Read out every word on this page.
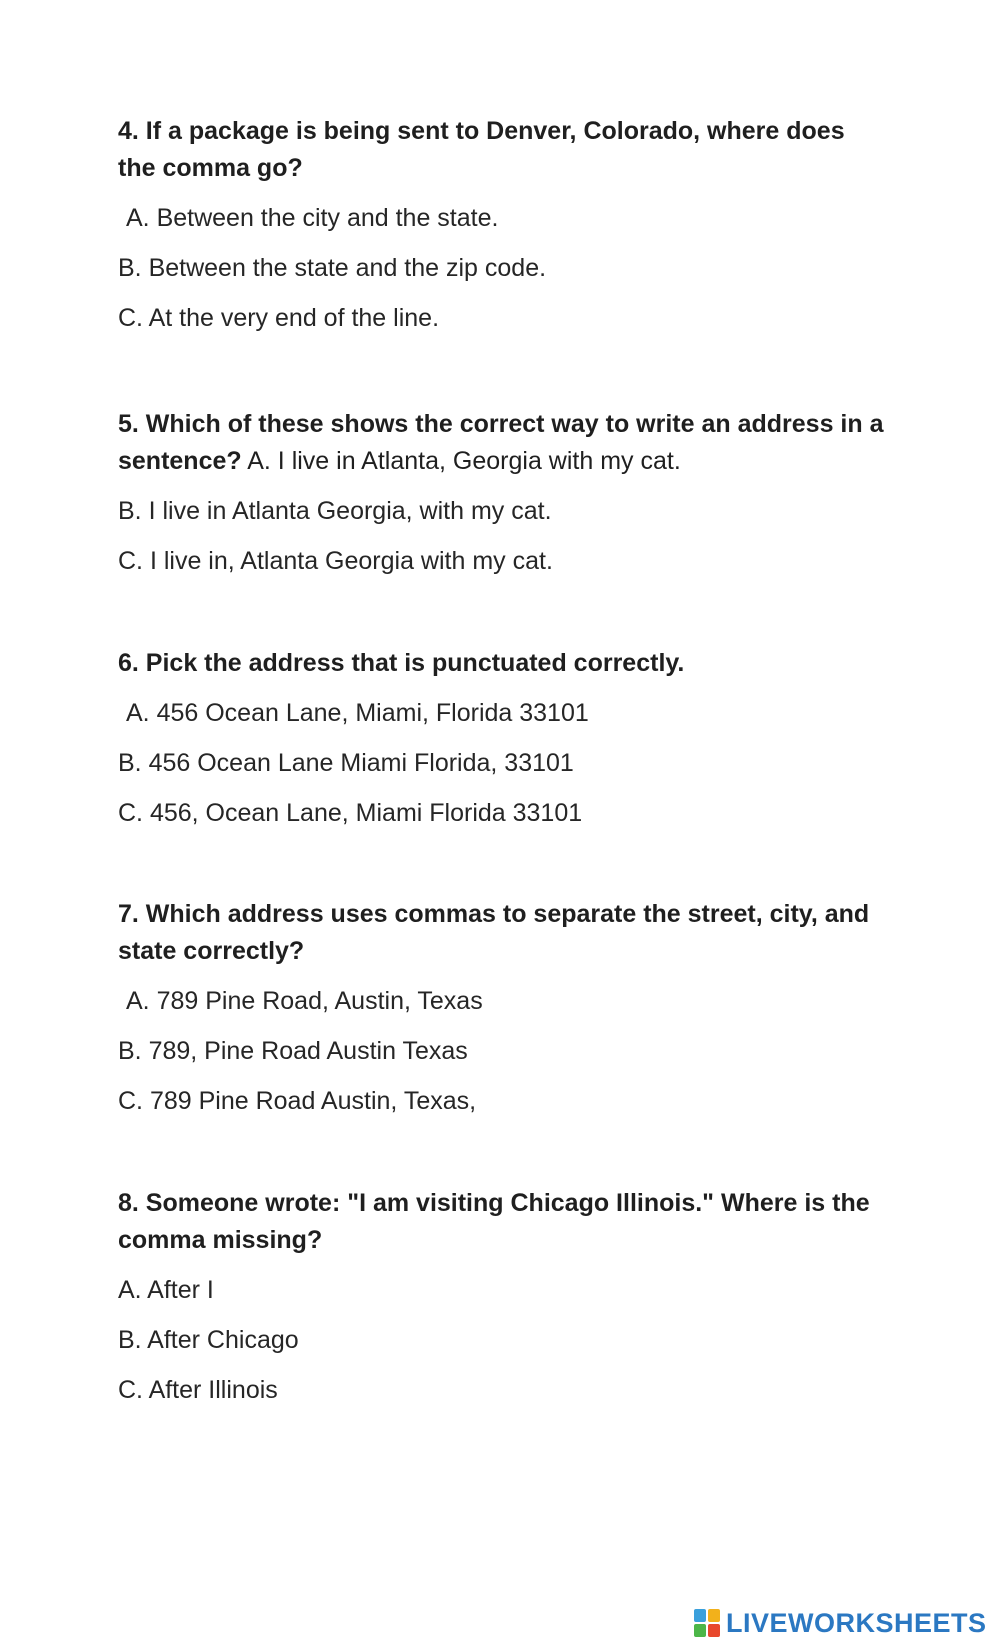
4. If a package is being sent to Denver, Colorado, where does the comma go?

A. Between the city and the state.

B. Between the state and the zip code.

C. At the very end of the line.

5. Which of these shows the correct way to write an address in a sentence? A. I live in Atlanta, Georgia with my cat.

B. I live in Atlanta Georgia, with my cat.

C. I live in, Atlanta Georgia with my cat.

6. Pick the address that is punctuated correctly.

A. 456 Ocean Lane, Miami, Florida 33101

B. 456 Ocean Lane Miami Florida, 33101

C. 456, Ocean Lane, Miami Florida 33101

7. Which address uses commas to separate the street, city, and state correctly?

A. 789 Pine Road, Austin, Texas

B. 789, Pine Road Austin Texas

C. 789 Pine Road Austin, Texas,

8. Someone wrote: "I am visiting Chicago Illinois." Where is the comma missing?

A. After I

B. After Chicago

C. After Illinois

LIVEWORKSHEETS
